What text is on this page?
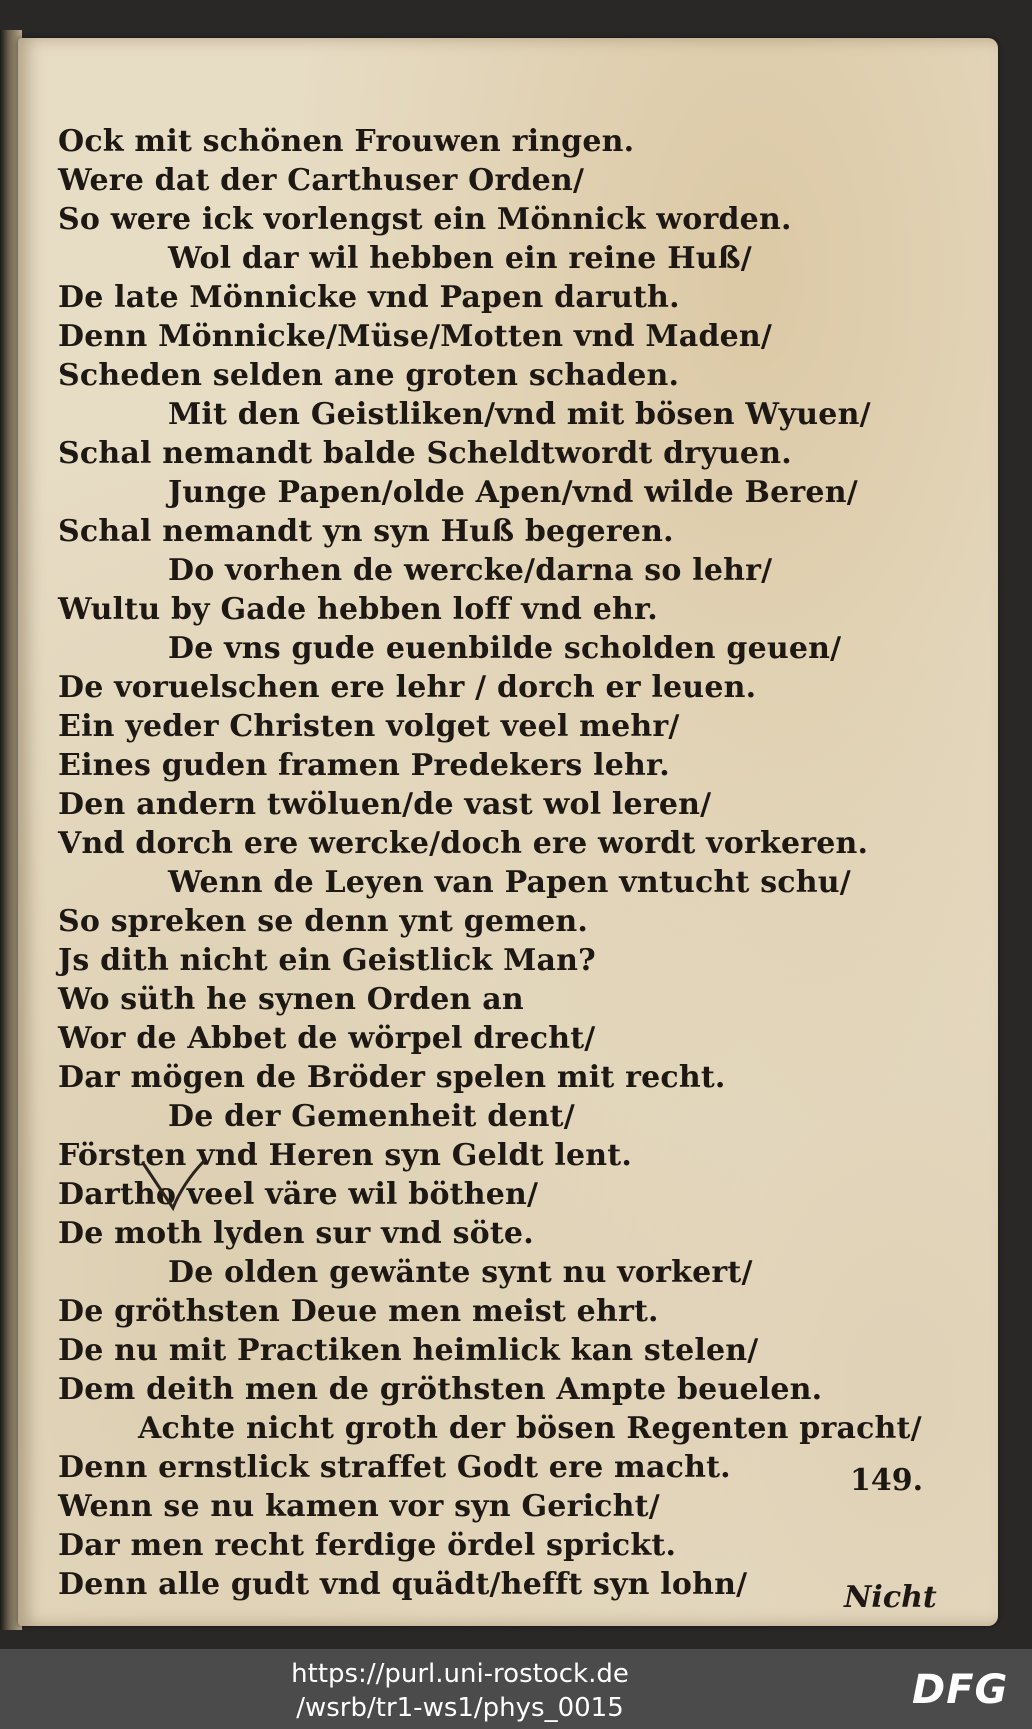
Ock mit schönen Frouwen ringen.
Were dat der Carthuser Orden/
So were ick vorlengst ein Mönnick worden.
Wol dar wil hebben ein reine Huß/
De late Mönnicke vnd Papen daruth.
Denn Mönnicke/Müse/Motten vnd Maden/
Scheden selden ane groten schaden.
Mit den Geistliken/vnd mit bösen Wyuen/
Schal nemandt balde Scheldtwordt dryuen.
Junge Papen/olde Apen/vnd wilde Beren/
Schal nemandt yn syn Huß begeren.
Do vorhen de wercke/darna so lehr/
Wultu by Gade hebben loff vnd ehr.
De vns gude euenbilde scholden geuen/
De voruelschen ere lehr / dorch er leuen.
Ein yeder Christen volget veel mehr/
Eines guden framen Predekers lehr.
Den andern twöluen/de vast wol leren/
Vnd dorch ere wercke/doch ere wordt vorkeren.
Wenn de Leyen van Papen vntucht schu/
So spreken se denn ynt gemen.
Js dith nicht ein Geistlick Man?
Wo süth he synen Orden an
Wor de Abbet de wörpel drecht/
Dar mögen de Bröder spelen mit recht.
De der Gemenheit dent/
Försten vnd Heren syn Geldt lent.
Dartho veel väre wil böthen/
De moth lyden sur vnd söte.
De olden gewänte synt nu vorkert/
De gröthsten Deue men meist ehrt.
De nu mit Practiken heimlick kan stelen/
Dem deith men de gröthsten Ampte beuelen.
Achte nicht groth der bösen Regenten pracht/
Denn ernstlick straffet Godt ere macht.
Wenn se nu kamen vor syn Gericht/
Dar men recht ferdige ördel sprickt.
Denn alle gudt vnd quädt/hefft syn lohn/
149.
Nicht
https://purl.uni-rostock.de
/wsrb/tr1-ws1/phys_0015	DFG
